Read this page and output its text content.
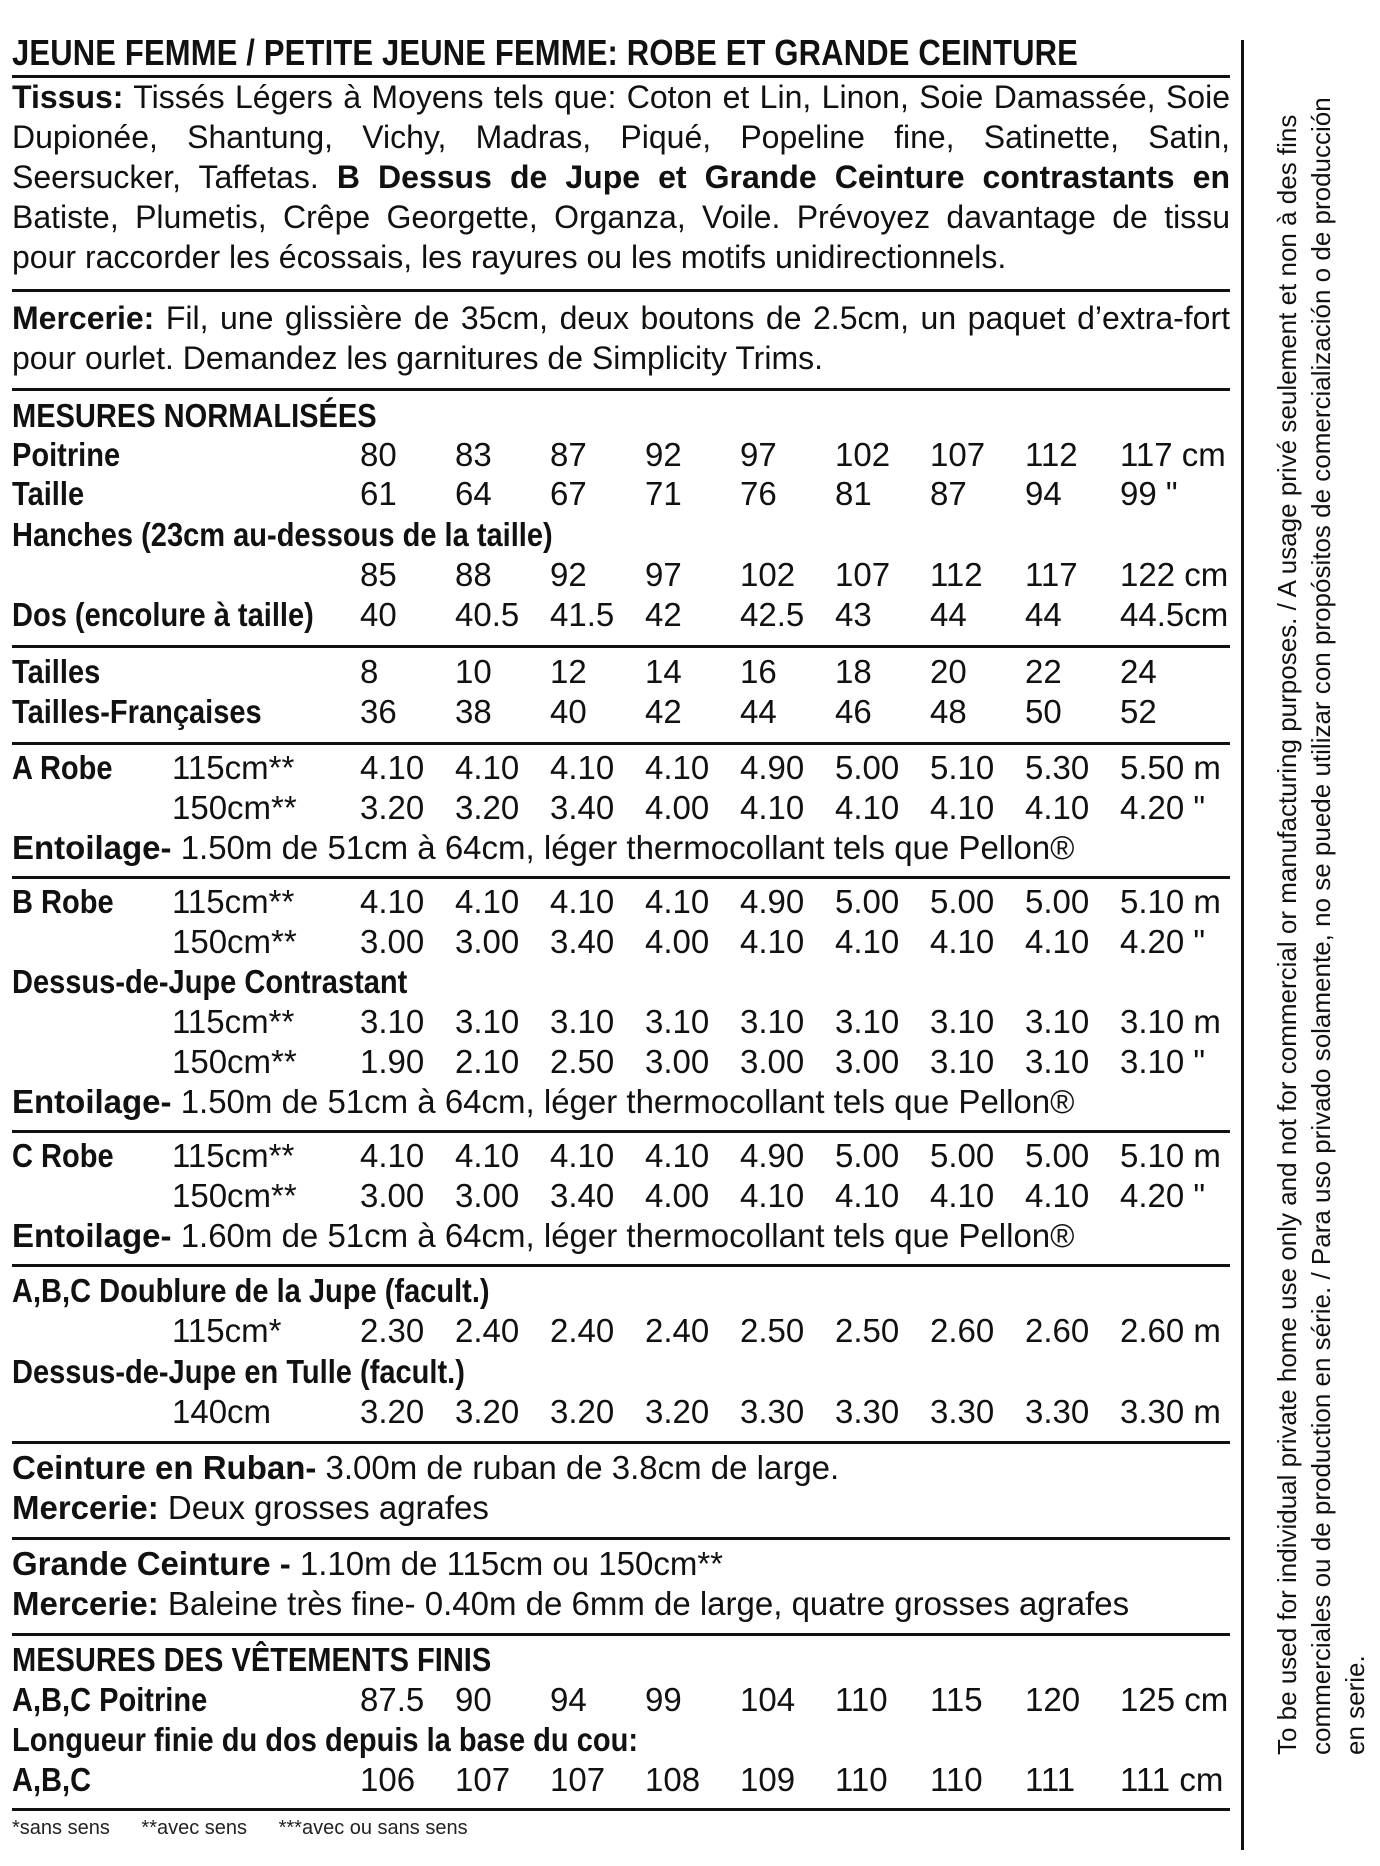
JEUNE FEMME / PETITE JEUNE FEMME: ROBE ET GRANDE CEINTURE
Tissus: Tissés Légers à Moyens tels que: Coton et Lin, Linon, Soie Damassée, Soie Dupionée, Shantung, Vichy, Madras, Piqué, Popeline fine, Satinette, Satin, Seersucker, Taffetas. B Dessus de Jupe et Grande Ceinture contrastants en Batiste, Plumetis, Crêpe Georgette, Organza, Voile. Prévoyez davantage de tissu pour raccorder les écossais, les rayures ou les motifs unidirectionnels.
Mercerie: Fil, une glissière de 35cm, deux boutons de 2.5cm, un paquet d’extra-fort pour ourlet. Demandez les garnitures de Simplicity Trims.
MESURES NORMALISÉES
Poitrine	80	83	87	92	97	102	107	112	117 cm
Taille	61	64	67	71	76	81	87	94	99 "
Hanches (23cm au-dessous de la taille)
85	88	92	97	102	107	112	117	122 cm
Dos (encolure à taille) 40	40.5 41.5 42	42.5 43	44	44	44.5cm
Tailles	8	10	12	14	16	18	20	22	24
Tailles-Françaises	36	38	40	42	44	46	48	50	52
A Robe 115cm** 4.10 4.10 4.10 4.10 4.90 5.00 5.10 5.30 5.50 m
150cm** 3.20 3.20 3.40 4.00 4.10 4.10 4.10 4.10 4.20 "
Entoilage- 1.50m de 51cm à 64cm, léger thermocollant tels que Pellon®
B Robe 115cm** 4.10 4.10 4.10 4.10 4.90 5.00 5.00 5.00 5.10 m
150cm** 3.00 3.00 3.40 4.00 4.10 4.10 4.10 4.10 4.20 "
Dessus-de-Jupe Contrastant
115cm** 3.10 3.10 3.10 3.10 3.10 3.10 3.10 3.10 3.10 m
150cm** 1.90 2.10 2.50 3.00 3.00 3.00 3.10 3.10 3.10 "
Entoilage- 1.50m de 51cm à 64cm, léger thermocollant tels que Pellon®
C Robe 115cm** 4.10 4.10 4.10 4.10 4.90 5.00 5.00 5.00 5.10 m
150cm** 3.00 3.00 3.40 4.00 4.10 4.10 4.10 4.10 4.20 "
Entoilage- 1.60m de 51cm à 64cm, léger thermocollant tels que Pellon®
A,B,C Doublure de la Jupe (facult.)
115cm* 2.30 2.40 2.40 2.40 2.50 2.50 2.60 2.60 2.60 m
Dessus-de-Jupe en Tulle (facult.)
140cm	3.20 3.20 3.20 3.20 3.30 3.30 3.30 3.30 3.30 m
Ceinture en Ruban- 3.00m de ruban de 3.8cm de large.
Mercerie: Deux grosses agrafes
Grande Ceinture - 1.10m de 115cm ou 150cm**
Mercerie: Baleine très fine- 0.40m de 6mm de large, quatre grosses agrafes
MESURES DES VÊTEMENTS FINIS
A,B,C Poitrine	87.5 90	94	99	104	110	115	120	125 cm
Longueur finie du dos depuis la base du cou:
A,B,C	106	107	107	108	109	110	110	111	111 cm
*sans sens **avec sens ***avec ou sans sens
To be used for individual private home use only and not for commercial or manufacturing purposes. / A usage privé seulement et non à des fins commerciales ou de production en série. / Para uso privado solamente, no se puede utilizar con propósitos de comercialización o de producción en serie.
